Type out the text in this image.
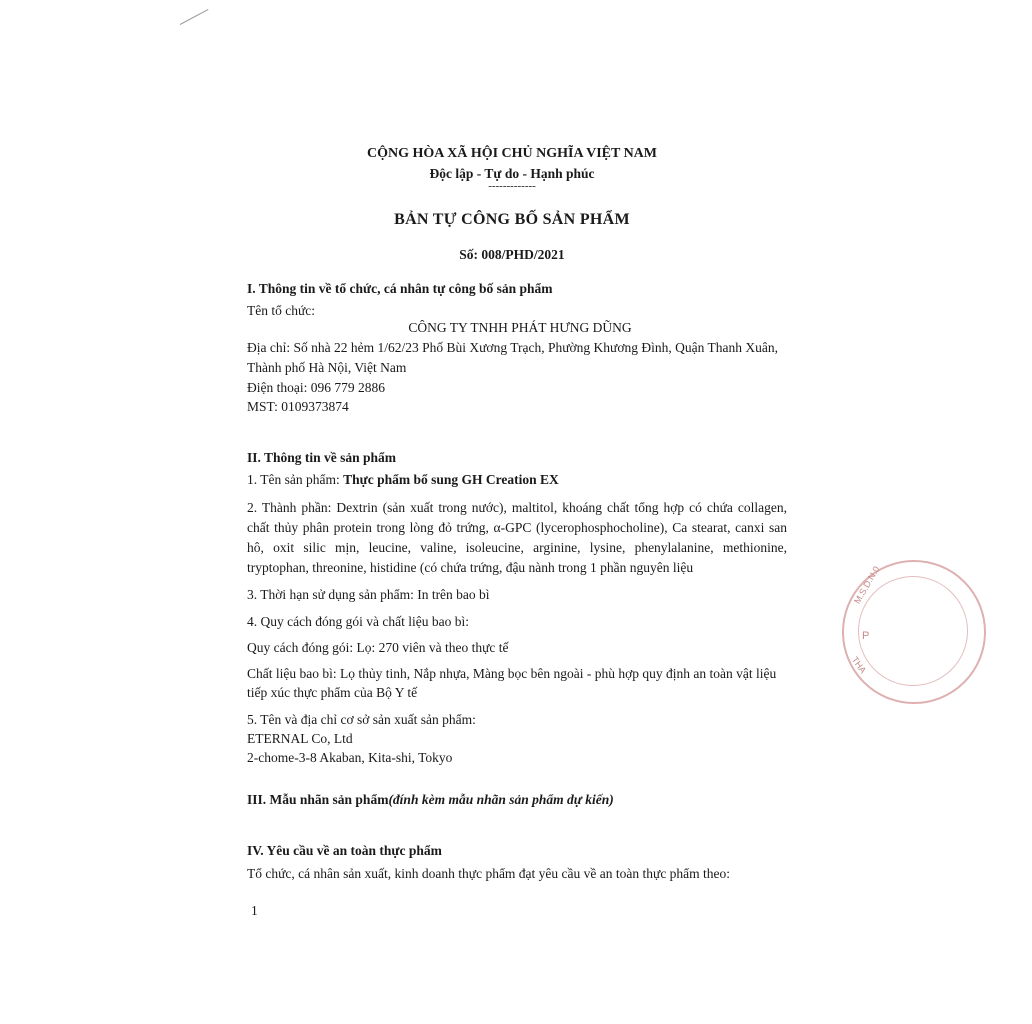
CỘNG HÒA XÃ HỘI CHỦ NGHĨA VIỆT NAM
Độc lập - Tự do - Hạnh phúc
-------------
BẢN TỰ CÔNG BỐ SẢN PHẨM
Số: 008/PHD/2021
I. Thông tin về tổ chức, cá nhân tự công bố sản phẩm
Tên tổ chức:
CÔNG TY TNHH PHÁT HƯNG DŨNG
Địa chỉ: Số nhà 22 hẻm 1/62/23 Phố Bùi Xương Trạch, Phường Khương Đình, Quận Thanh Xuân,
Thành phố Hà Nội, Việt Nam
Điện thoại: 096 779 2886
MST: 0109373874
II. Thông tin về sản phẩm
1. Tên sản phẩm: Thực phẩm bổ sung GH Creation EX
2. Thành phần: Dextrin (sản xuất trong nước), maltitol, khoáng chất tổng hợp có chứa collagen,
chất thủy phân protein trong lòng đỏ trứng, α-GPC (lycerophosphocholine), Ca stearat, canxi san
hô, oxit silic mịn, leucine, valine, isoleucine, arginine, lysine, phenylalanine, methionine,
tryptophan, threonine, histidine (có chứa trứng, đậu nành trong 1 phần nguyên liệu
3. Thời hạn sử dụng sản phẩm: In trên bao bì
4. Quy cách đóng gói và chất liệu bao bì:
Quy cách đóng gói: Lọ: 270 viên và theo thực tế
Chất liệu bao bì: Lọ thủy tinh, Nắp nhựa, Màng bọc bên ngoài - phù hợp quy định an toàn vật liệu
tiếp xúc thực phẩm của Bộ Y tế
5. Tên và địa chỉ cơ sở sản xuất sản phẩm:
ETERNAL Co, Ltd
2-chome-3-8 Akaban, Kita-shi, Tokyo
III. Mẫu nhãn sản phẩm(đính kèm mẫu nhãn sản phẩm dự kiến)
IV. Yêu cầu về an toàn thực phẩm
Tổ chức, cá nhân sản xuất, kinh doanh thực phẩm đạt yêu cầu về an toàn thực phẩm theo:
1
M.S.D.N.0
P
THA
